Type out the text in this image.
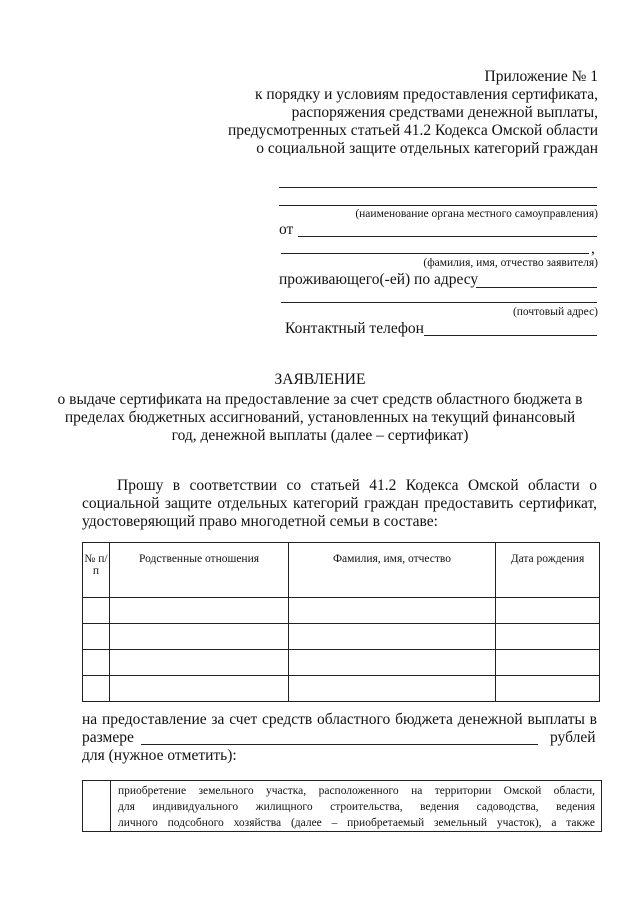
Приложение № 1
к порядку и условиям предоставления сертификата,
распоряжения средствами денежной выплаты,
предусмотренных статьей 41.2 Кодекса Омской области
о социальной защите отдельных категорий граждан
(наименование органа местного самоуправления)
от
,
(фамилия, имя, отчество заявителя)
проживающего(-ей) по адресу
(почтовый адрес)
Контактный телефон
ЗАЯВЛЕНИЕ
о выдаче сертификата на предоставление за счет средств областного бюджета в
пределах бюджетных ассигнований, установленных на текущий финансовый
год, денежной выплаты (далее – сертификат)
Прошу в соответствии со статьей 41.2 Кодекса Омской области о
социальной защите отдельных категорий граждан предоставить сертификат,
удостоверяющий право многодетной семьи в составе:
№ п/п	Родственные отношения	Фамилия, имя, отчество	Дата рождения

на предоставление за счет средств областного бюджета денежной выплаты в
размере	рублей
для (нужное отметить):
приобретение земельного участка, расположенного на территории Омской области,
для индивидуального жилищного строительства, ведения садоводства, ведения
личного подсобного хозяйства (далее – приобретаемый земельный участок), а также
